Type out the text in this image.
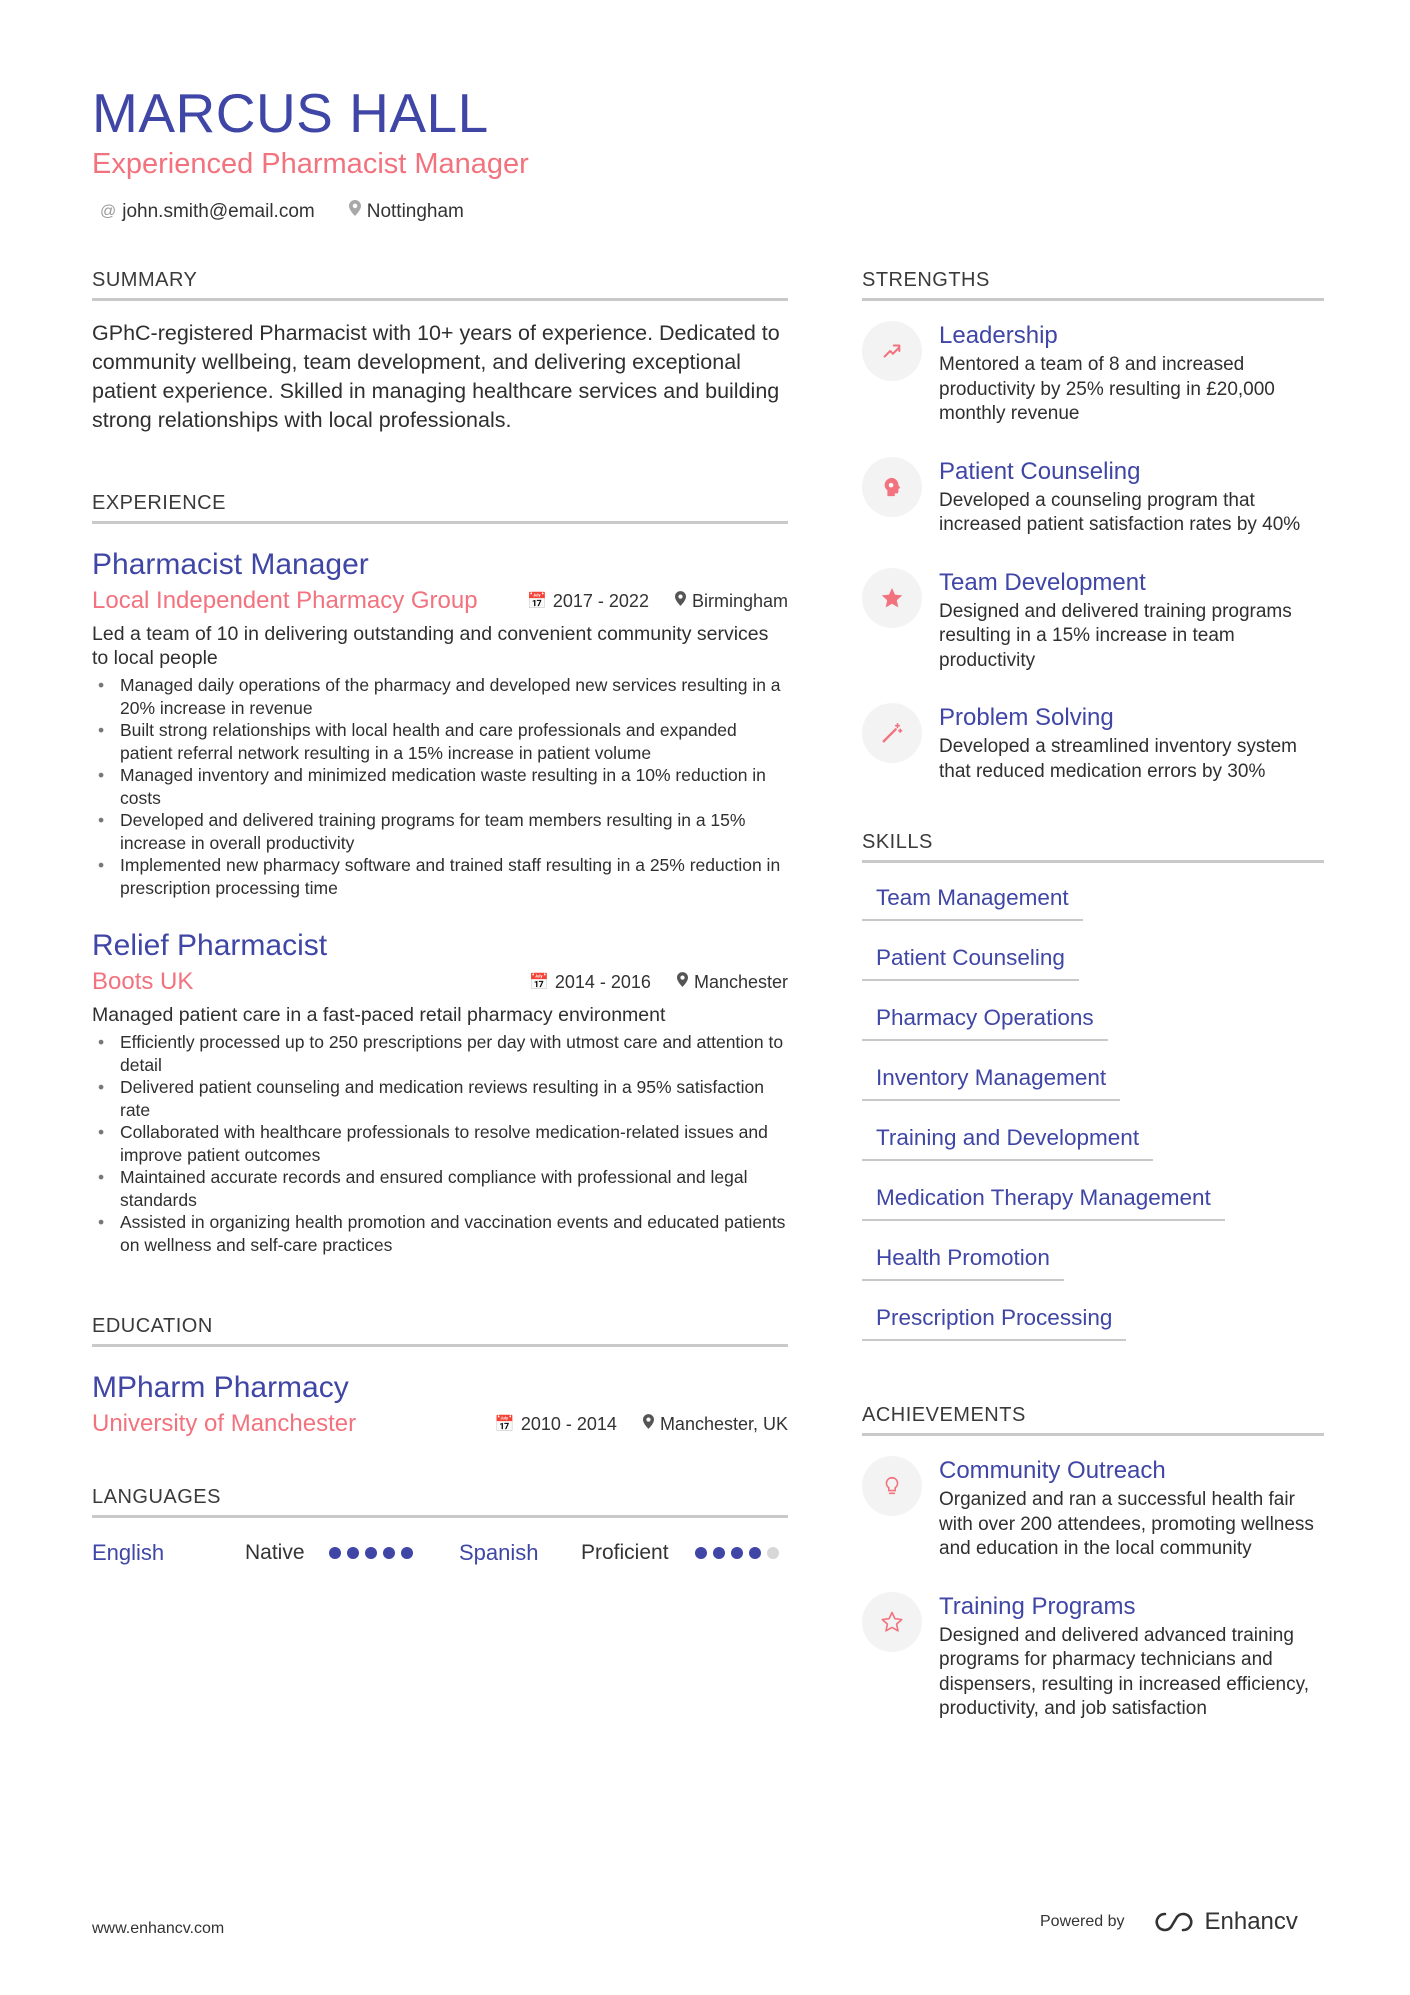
MARCUS HALL
Experienced Pharmacist Manager
@ john.smith@email.com	Nottingham
SUMMARY
GPhC-registered Pharmacist with 10+ years of experience. Dedicated to community wellbeing, team development, and delivering exceptional patient experience. Skilled in managing healthcare services and building strong relationships with local professionals.
EXPERIENCE
Pharmacist Manager
Local Independent Pharmacy Group	📅 2017 - 2022 Birmingham
Led a team of 10 in delivering outstanding and convenient community services to local people
• Managed daily operations of the pharmacy and developed new services resulting in a 20% increase in revenue
• Built strong relationships with local health and care professionals and expanded patient referral network resulting in a 15% increase in patient volume
• Managed inventory and minimized medication waste resulting in a 10% reduction in costs
• Developed and delivered training programs for team members resulting in a 15% increase in overall productivity
• Implemented new pharmacy software and trained staff resulting in a 25% reduction in prescription processing time
Relief Pharmacist
Boots UK	📅 2014 - 2016 Manchester
Managed patient care in a fast-paced retail pharmacy environment
• Efficiently processed up to 250 prescriptions per day with utmost care and attention to detail
• Delivered patient counseling and medication reviews resulting in a 95% satisfaction rate
• Collaborated with healthcare professionals to resolve medication-related issues and improve patient outcomes
• Maintained accurate records and ensured compliance with professional and legal standards
• Assisted in organizing health promotion and vaccination events and educated patients on wellness and self-care practices
EDUCATION
MPharm Pharmacy
University of Manchester	📅 2010 - 2014 Manchester, UK
LANGUAGES
English	Native	Spanish	Proficient
STRENGTHS
Leadership
Mentored a team of 8 and increased productivity by 25% resulting in £20,000 monthly revenue
Patient Counseling
Developed a counseling program that increased patient satisfaction rates by 40%
Team Development
Designed and delivered training programs resulting in a 15% increase in team productivity
Problem Solving
Developed a streamlined inventory system that reduced medication errors by 30%
SKILLS
Team Management
Patient Counseling
Pharmacy Operations
Inventory Management
Training and Development
Medication Therapy Management
Health Promotion
Prescription Processing
ACHIEVEMENTS
Community Outreach
Organized and ran a successful health fair with over 200 attendees, promoting wellness and education in the local community
Training Programs
Designed and delivered advanced training programs for pharmacy technicians and dispensers, resulting in increased efficiency, productivity, and job satisfaction
www.enhancv.com	Powered by	Enhancv
